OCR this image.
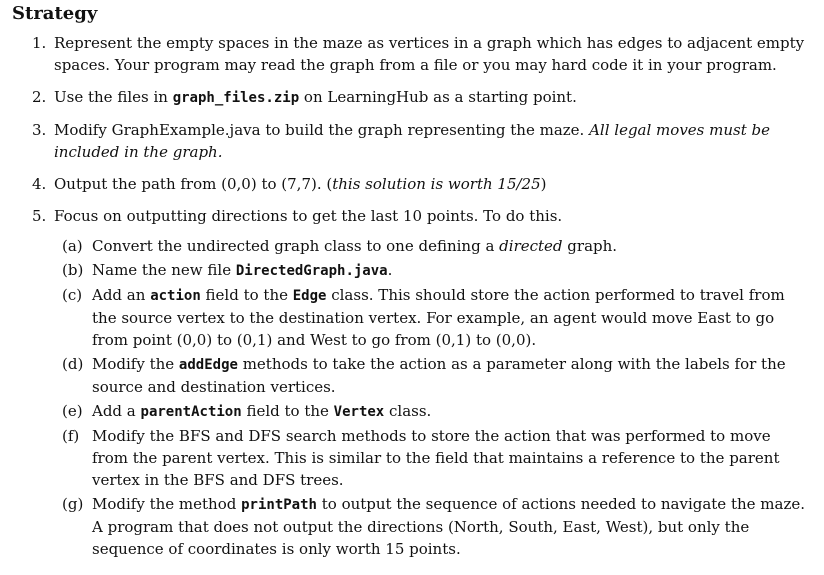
Strategy
1. Represent the empty spaces in the maze as vertices in a graph which has edges to adjacent empty spaces. Your program may read the graph from a file or you may hard code it in your program.
2. Use the files in graph_files.zip on LearningHub as a starting point.
3. Modify GraphExample.java to build the graph representing the maze. All legal moves must be included in the graph.
4. Output the path from (0,0) to (7,7). (this solution is worth 15/25)
5. Focus on outputting directions to get the last 10 points. To do this.
(a) Convert the undirected graph class to one defining a directed graph.
(b) Name the new file DirectedGraph.java.
(c) Add an action field to the Edge class. This should store the action performed to travel from the source vertex to the destination vertex. For example, an agent would move East to go from point (0,0) to (0,1) and West to go from (0,1) to (0,0).
(d) Modify the addEdge methods to take the action as a parameter along with the labels for the source and destination vertices.
(e) Add a parentAction field to the Vertex class.
(f) Modify the BFS and DFS search methods to store the action that was performed to move from the parent vertex. This is similar to the field that maintains a reference to the parent vertex in the BFS and DFS trees.
(g) Modify the method printPath to output the sequence of actions needed to navigate the maze. A program that does not output the directions (North, South, East, West), but only the sequence of coordinates is only worth 15 points.
